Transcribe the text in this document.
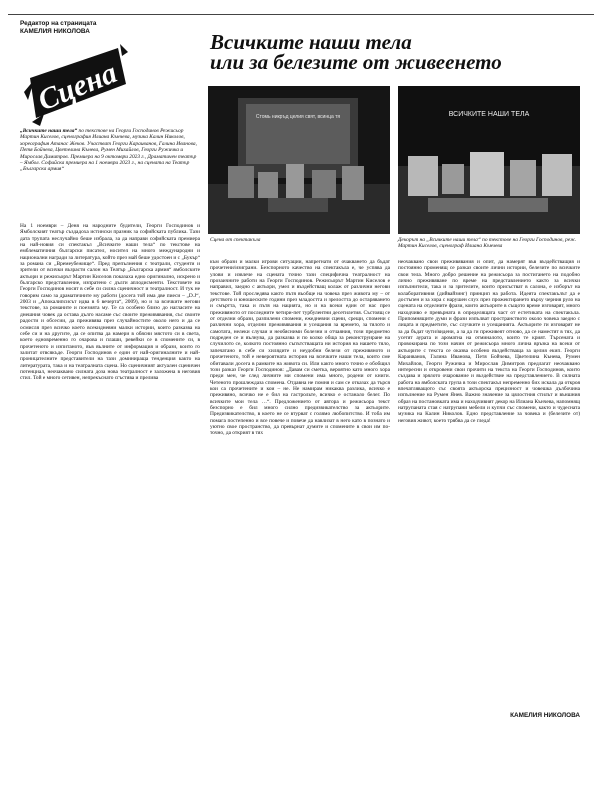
Редактор на страницата
КАМЕЛИЯ НИКОЛОВА
Сцена
Всичките наши тела
или за белезите от живеенето
„Всичките наши тела“ по текстове на Георги Господинов Режисьор Мартин Киселов, сценография Илиана Кънчева, музика Калин Николов, хореография Атанас Жеков. Участват Георги Караиванов, Галина Иванова, Петя Бойчева, Цветелина Кънева, Румен Михайлов, Георги Ружичка и Мирослав Димитров. Премиера на 9 октомври 2023 г., Драматичен театър – Ямбол. Софийска премиера на 1 ноември 2023 г., на сцената на Театър „Българска армия“
Стомь никръд целия свят, всинца тя	ВСИЧКИТЕ НАШИ ТЕЛА
Сцена от спектакъла	Декорът на „Всичките наши тела“ по текстове на Георги Господинов, реж. Мартин Киселов, сценограф Илиана Кънчева
На 1 ноември – Деня на народните будители, Георги Господинов и Ямболският театър създадоха истински празник за софийската публика. Тази дата трупата неслучайно беше избрала, за да направи софийската премиера на най-новия си спектакъл „Всичките наши тела“ по текстове на емблематичния български писател, носител на много международни и национални награди за литература, който през май беше удостоен и с „Букър“ за романа си „Времеубежище“. Пред препълнения с театрали, студенти и зрители от всички възрасти салон на Театър „Българска армия“ ямболските актьори и режисьорът Мартин Киселов показаха едно оригинално, искрено и българско представление, изпратено с дълги аплодисменти. Текстовете на Георги Господинов носят в себе си силна сценичност и театралност. И тук не говорим само за драматичните му работи (досега той има две пиеси – „D.J“, 2003 и „Апокалипсисът идва в 6 вечерта“, 2009), но и за всичките негови текстове, за романите и поезията му. Те са особено близо до нагласите на днешния човек да остава дълго насаме със своите преживявания, със своите радости и обсесии, да преживява през случайностите около него и да се осмисля през всичко което всекидневни малки истории, които разказва на себе си и на другите, да се опитва да намери в обясни мястото си в света, което едновременно го очарова и плаши, ревейки се в спомените си, в прочетеното и изпитаното, във вълните от информация и образи, които го залитат отвсякъде. Георги Господинов е един от най-оригиналните и най-проницателните представители на тази доминираща тенденция както на литературата, така и на театралната сцена. Но сценичният актуален сценичен потенциал, неочаквано силната доза нова театралност е заложена в неговия стил. Той е много сетивен, непрекъснато сгъстява и прелива
към образи и малки игрови ситуации, напрегнати от очакването да бъдат прочетени/изиграни. Безспорното качество на спектакъла е, че успява да улови и извлече на сцената точно тази специфична театралност на прозаичните работи на Георги Господинов. Режисьорът Мартин Киселов е направил, заедно с актьори, умел и въздействащ колаж от различни негови текстове. Той проследява както пътя въобще на човека през живота му – от детството и юношеските години през младостта и зрелостта до остаряването и смъртта, така и пътя на нацията, но и на всеки един от нас през преживяното от последните четири-пет турбулентни десетилетия. Състоящ се от отделни образи, разпилени спомени, ежедневни сцени, срещи, спомени с различни хора, отделни преживявания и усещания за времето, за тялото и самотата, нелеки случаи и необясними болезни и отчаяния, този предметно подреден се и вълнува, да разказва и по колко обща за реконструиране на случилото се, колкото постоянно съпътстващата ни история на нашето тяло, запечатано в себе си хилядите и неудобни белези от преживяното и прочетеното, той е невероятната история на всичките наши тела, които сме обитавали досега в рамките на живота си. Или както много точно е обобщил този разказ Георги Господинов: „Давам си сметка, вероятно като много хора преди мен, че след личните ми спомени има много, родени от книги. Четеното прошлеждаза спомена. Отдавна не помня и сам се отказах да търся кои са прочетените и кои – не. Не намирам никаква разлика, всичко е преживяно, всичко не е бил на гастрольте, всичко е останало белег. По всичките мои тела …“. Предложението от автора и режисьора текст безспорно е бил много силно предизвикателство за актьорите. Предизвикателство, в което не се втурват с голямо любопитство. И тоба им помага постепенно и все повече и повече да навлизат в него като в познато и уютно свое пространство, да превърнат думите и спомените в свои им по-точно, да открият в тях
неочаквано свои преживявания и опит, да намерят във въздействащия и постоянно променящ се разказ своите лични истории, белезите по всичките свои тела. Много добро решение на режисьора за постигането на подобно лично преживяване по време на представлението както за всички изпълнители, така и за зрителите, които присъстват в салона, е изборът на колаборативния (дийвайзинг) принцип на работа. Идеята спектакълът да е достъпен и за хора с нарушен слух през прожектирането върху черния руло на сцената на отделните фрази, които актьорите в същото време изговарят, много находчиво е превърната в определящата част от естетиката на спектакъла. Припомнящите думи и фрази изпълват пространството около човека заедно с лицата и предметите, със случките и усещанията. Актьорите ги изговарят не за да бъдат чути/видени, а за да ги преживеят отново, да се наместят в тях, да усетят аурата и ароматна на отминалото, които те крият. Търсената и провокирана по този начин от режисьора много лична връзка на всеки от актьорите с текста се оказва особено въздействаща за целия екип. Георги Караиванов, Галина Иванова, Петя Бойчева, Цветелина Кънева, Румен Михайлов, Георги Ружичка и Мирослав Димитров предлагат неочаквано интересни и откровени свои прочити на текста на Георги Господинов, които създава и зрялото очарование и въздействие на представлението. В силната работа на ямболската група в този спектакъл непременно бих искала да откроя впечатляващото със своята актьорска прецизност и човешка дълбочина изпълнение на Румен Янев. Важно значение за цялостния стилът и външния образ на постановката има и находчивият декор на Илиана Кънчева, напомнящ натрупаната стая с натрупани мебели и купчи със спомени, както и чудесната музика на Калин Николов. Едно представление за човека и (белезите от) неговия живот, което трябва да се гледа!
КАМЕЛИЯ НИКОЛОВА
